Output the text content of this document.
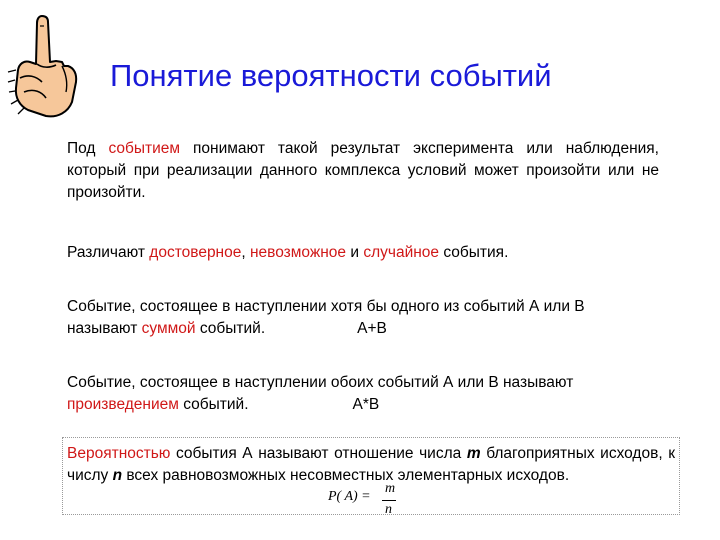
Понятие вероятности событий
Под событием понимают такой результат эксперимента или наблюдения, который при реализации данного комплекса условий может произойти или не произойти.
Различают достоверное, невозможное и случайное события.
Событие, состоящее в наступлении хотя бы одного из событий А или В
называют суммой событий.	А+В
Событие, состоящее в наступлении обоих событий А или В называют
произведением событий.	А*В
Вероятностью события А называют отношение числа m благоприятных исходов, к числу n всех равновозможных несовместных элементарных исходов.
P( A) =
m
n
